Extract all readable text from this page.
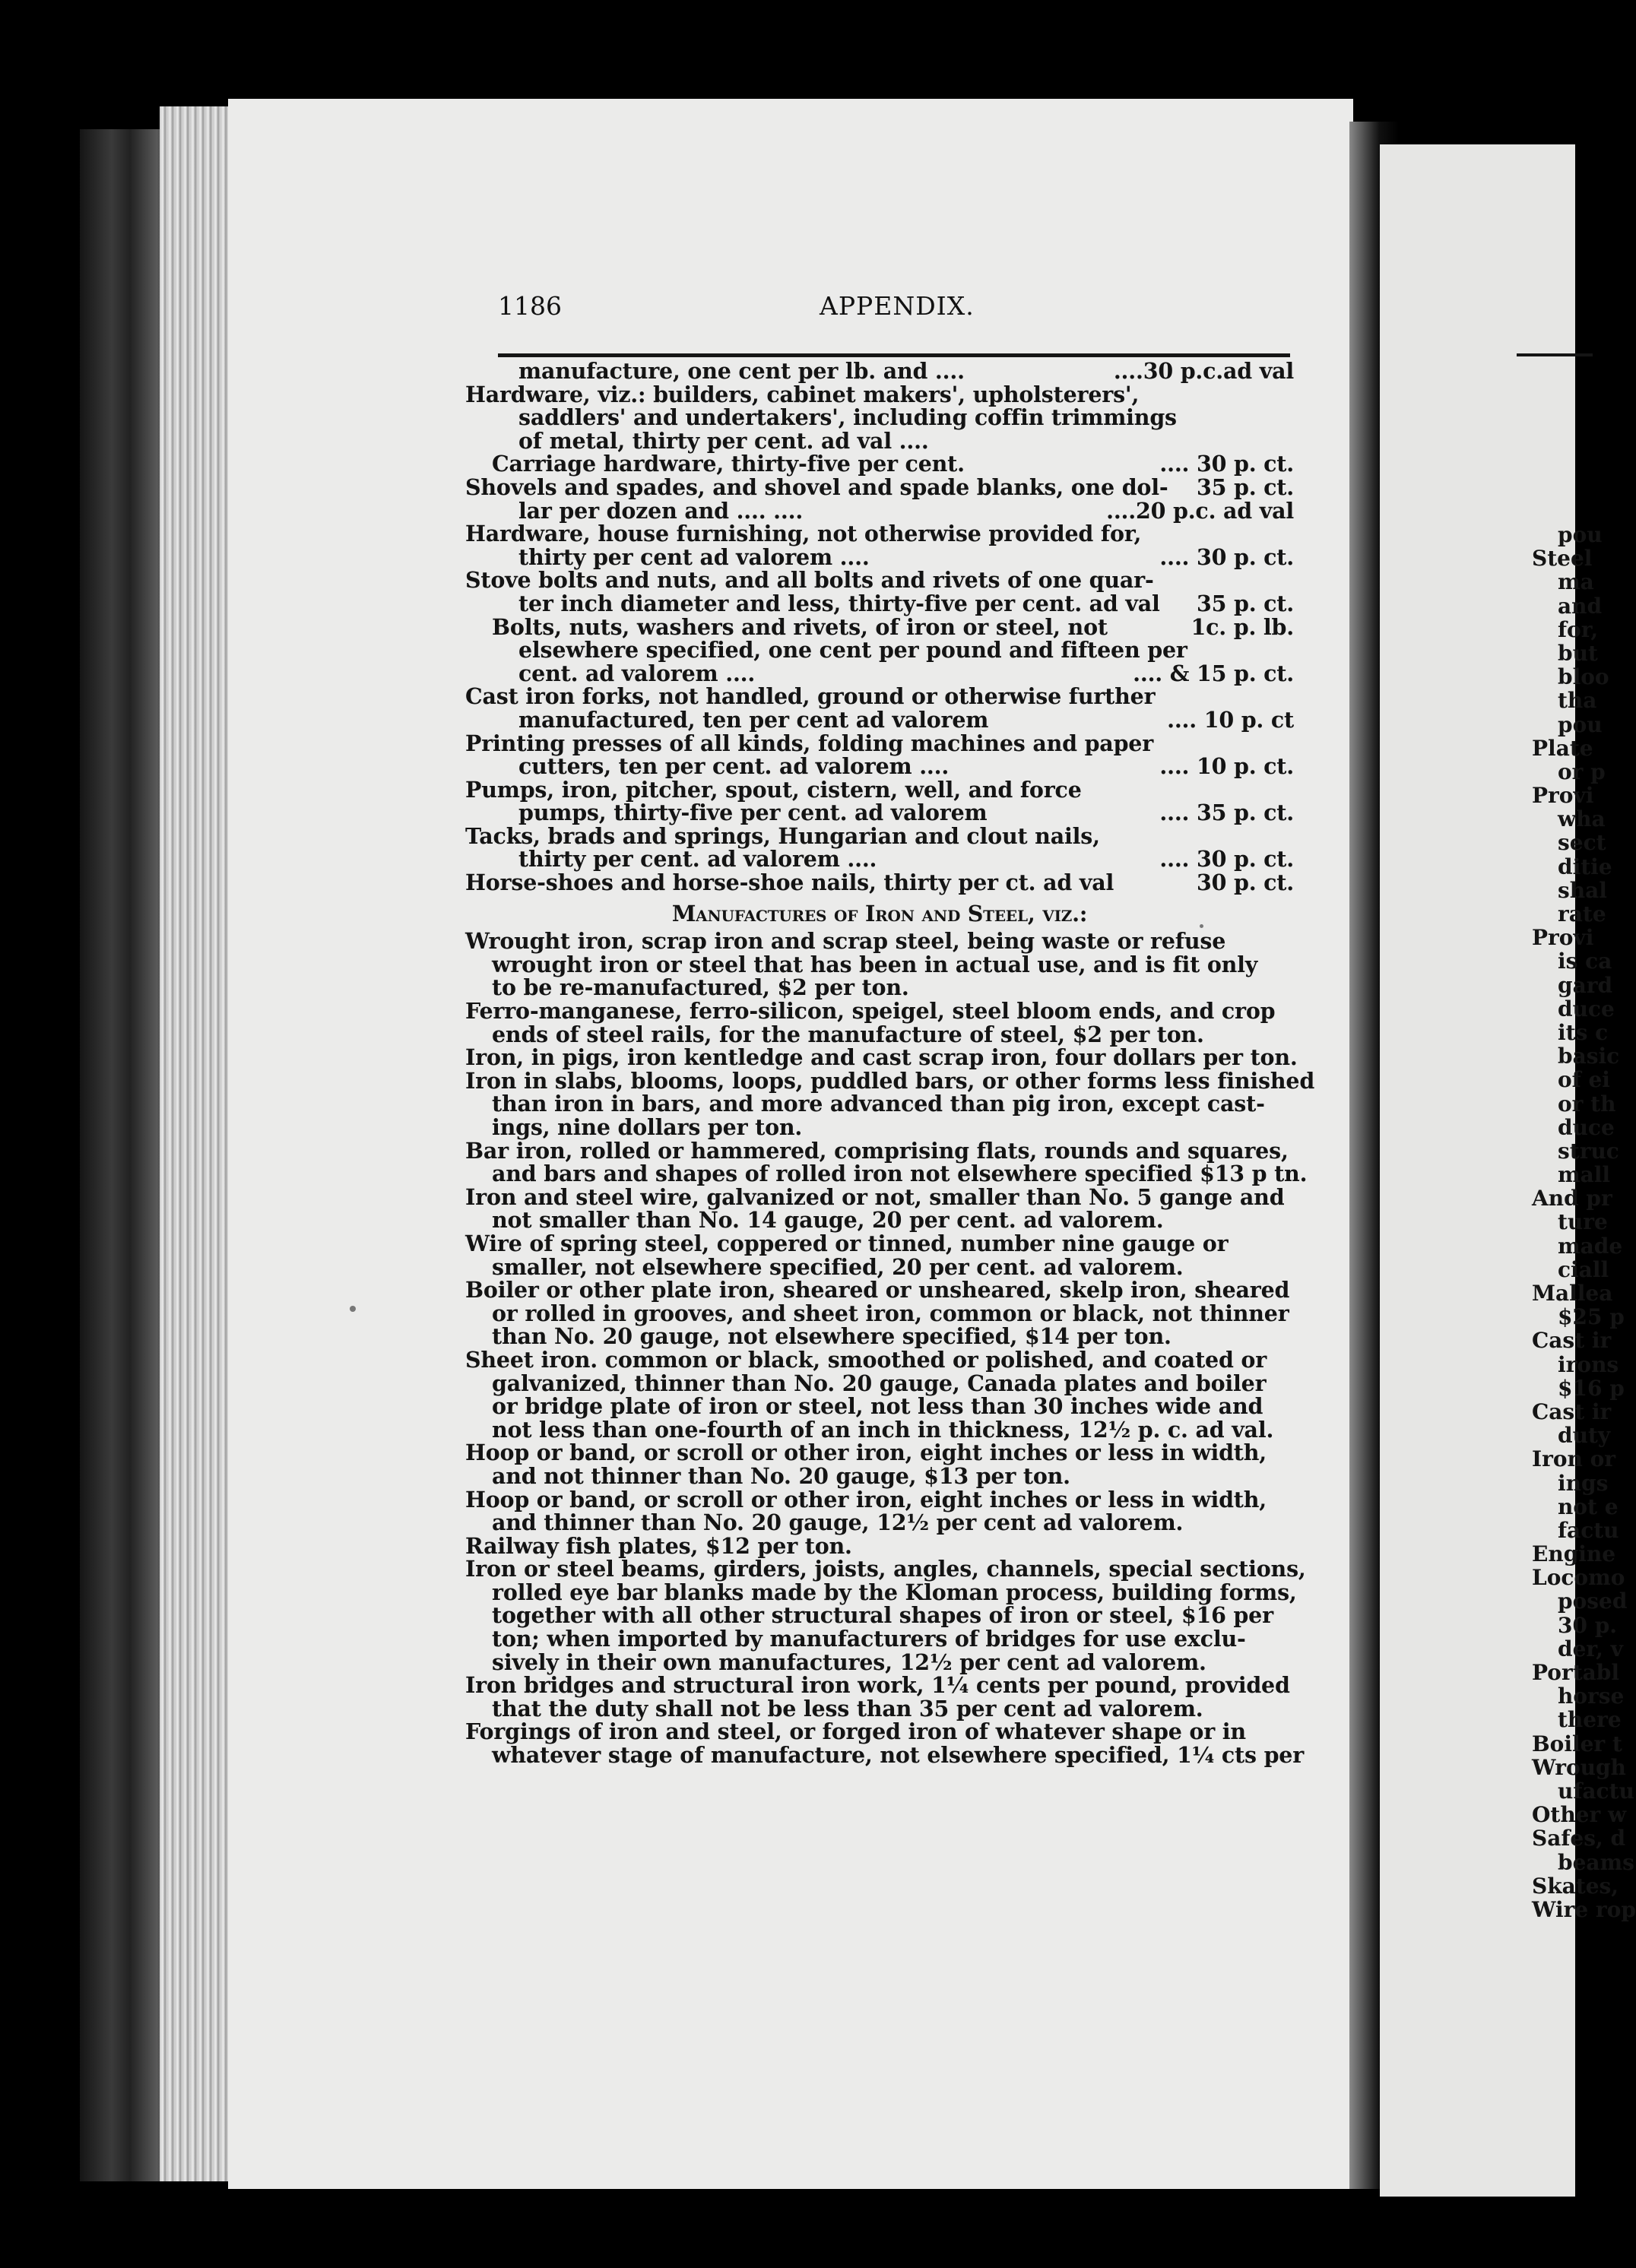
pou
Steel
ma
and
for,
but
bloo
tha
pou
Plate
or p
Provi
wha
sect
ditie
shal
rate
Provi
is ca
gard
duce
its c
basic
of ei
or th
duce
struc
mall
And pr
ture
made
ciall
Mallea
$25 p
Cast ir
irons
$16 p
Cast ir
duty
Iron or
ings
not e
factu
Engine
Locomo
posed
30 p.
der, v
Portabl
horse
there
Boiler t
Wrough
ufactu
Other w
Safes, d
beams
Skates,
Wire rop
1186	APPENDIX.
manufacture, one cent per lb. and ....	....30 p.c.ad val
Hardware, viz.: builders, cabinet makers', upholsterers',
saddlers' and undertakers', including coffin trimmings
of metal, thirty per cent. ad val ....
Carriage hardware, thirty-five per cent.	.... 30 p. ct.
Shovels and spades, and shovel and spade blanks, one dol- 35 p. ct.
lar per dozen and .... ....	....20 p.c. ad val
Hardware, house furnishing, not otherwise provided for,
thirty per cent ad valorem ....	.... 30 p. ct.
Stove bolts and nuts, and all bolts and rivets of one quar-
ter inch diameter and less, thirty-five per cent. ad val 35 p. ct.
Bolts, nuts, washers and rivets, of iron or steel, not	1c. p. lb.
elsewhere specified, one cent per pound and fifteen per
cent. ad valorem ....	.... & 15 p. ct.
Cast iron forks, not handled, ground or otherwise further
manufactured, ten per cent ad valorem	.... 10 p. ct
Printing presses of all kinds, folding machines and paper
cutters, ten per cent. ad valorem ....	.... 10 p. ct.
Pumps, iron, pitcher, spout, cistern, well, and force
pumps, thirty-five per cent. ad valorem	.... 35 p. ct.
Tacks, brads and springs, Hungarian and clout nails,
thirty per cent. ad valorem ....	.... 30 p. ct.
Horse-shoes and horse-shoe nails, thirty per ct. ad val	30 p. ct.
Manufactures of Iron and Steel, viz.:
Wrought iron, scrap iron and scrap steel, being waste or refuse
wrought iron or steel that has been in actual use, and is fit only
to be re-manufactured, $2 per ton.
Ferro-manganese, ferro-silicon, speigel, steel bloom ends, and crop
ends of steel rails, for the manufacture of steel, $2 per ton.
Iron, in pigs, iron kentledge and cast scrap iron, four dollars per ton.
Iron in slabs, blooms, loops, puddled bars, or other forms less finished
than iron in bars, and more advanced than pig iron, except cast-
ings, nine dollars per ton.
Bar iron, rolled or hammered, comprising flats, rounds and squares,
and bars and shapes of rolled iron not elsewhere specified $13 p tn.
Iron and steel wire, galvanized or not, smaller than No. 5 gange and
not smaller than No. 14 gauge, 20 per cent. ad valorem.
Wire of spring steel, coppered or tinned, number nine gauge or
smaller, not elsewhere specified, 20 per cent. ad valorem.
Boiler or other plate iron, sheared or unsheared, skelp iron, sheared
or rolled in grooves, and sheet iron, common or black, not thinner
than No. 20 gauge, not elsewhere specified, $14 per ton.
Sheet iron. common or black, smoothed or polished, and coated or
galvanized, thinner than No. 20 gauge, Canada plates and boiler
or bridge plate of iron or steel, not less than 30 inches wide and
not less than one-fourth of an inch in thickness, 12½ p. c. ad val.
Hoop or band, or scroll or other iron, eight inches or less in width,
and not thinner than No. 20 gauge, $13 per ton.
Hoop or band, or scroll or other iron, eight inches or less in width,
and thinner than No. 20 gauge, 12½ per cent ad valorem.
Railway fish plates, $12 per ton.
Iron or steel beams, girders, joists, angles, channels, special sections,
rolled eye bar blanks made by the Kloman process, building forms,
together with all other structural shapes of iron or steel, $16 per
ton; when imported by manufacturers of bridges for use exclu-
sively in their own manufactures, 12½ per cent ad valorem.
Iron bridges and structural iron work, 1¼ cents per pound, provided
that the duty shall not be less than 35 per cent ad valorem.
Forgings of iron and steel, or forged iron of whatever shape or in
whatever stage of manufacture, not elsewhere specified, 1¼ cts per
